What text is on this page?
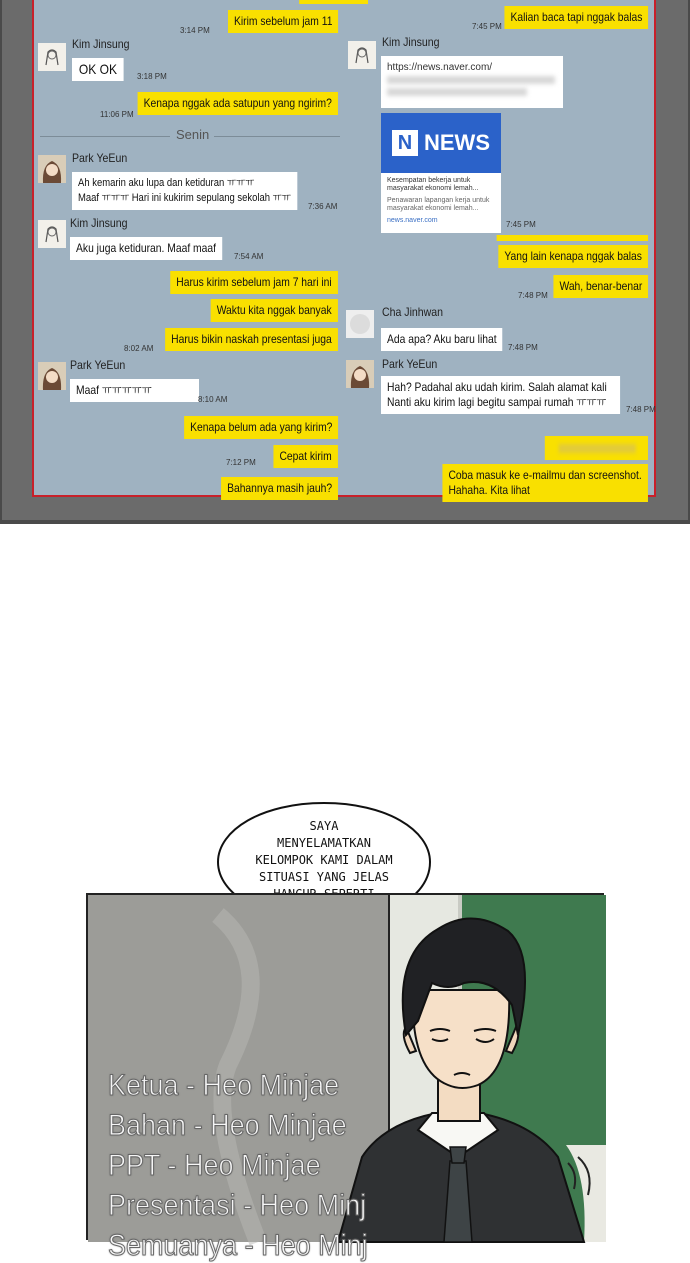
Kirim sebelum jam 11
3:14 PM
Kim Jinsung
OK OK	3:18 PM
Kenapa nggak ada satupun yang ngirim?
11:06 PM
Senin
Park YeEun
Ah kemarin aku lupa dan ketiduran ㅠㅠㅠ
Maaf ㅠㅠㅠ Hari ini kukirim sepulang sekolah ㅠㅠ
7:36 AM
Kim Jinsung
Aku juga ketiduran. Maaf maaf
7:54 AM
Harus kirim sebelum jam 7 hari ini
Waktu kita nggak banyak
Harus bikin naskah presentasi juga
8:02 AM
Park YeEun
Maaf ㅠㅠㅠㅠㅠ
8:10 AM
Kenapa belum ada yang kirim?
Cepat kirim
7:12 PM
Bahannya masih jauh?
Kalian baca tapi nggak balas
7:45 PM
Kim Jinsung
https://news.naver.com/
N NEWS
Kesempatan bekerja untuk masyarakat ekonomi lemah...
Penawaran lapangan kerja untuk masyarakat ekonomi lemah...
news.naver.com	7:45 PM
Yang lain kenapa nggak balas
Wah, benar-benar
7:48 PM
Cha Jinhwan
Ada apa? Aku baru lihat
7:48 PM
Park YeEun
Hah? Padahal aku udah kirim. Salah alamat kali
Nanti aku kirim lagi begitu sampai rumah ㅠㅠㅠ
7:48 PM
Coba masuk ke e-mailmu dan screenshot.
Hahaha. Kita lihat
SAYA
MENYELAMATKAN
KELOMPOK KAMI DALAM
SITUASI YANG JELAS
Ketua - Heo Minjae
Bahan - Heo Minjae
PPT - Heo Minjae
Presentasi - Heo Minj
Semuanya - Heo Minj
